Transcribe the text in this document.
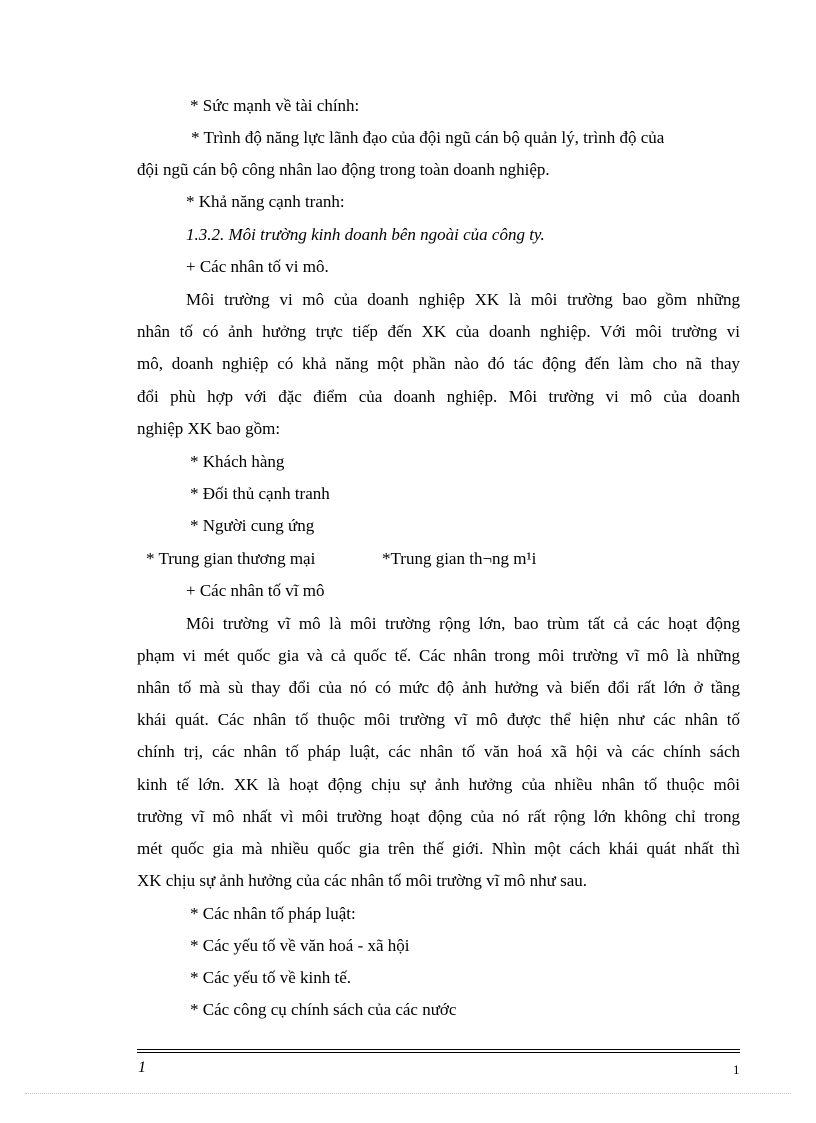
* Sức mạnh về tài chính:
* Trình độ năng lực lãnh đạo của đội ngũ cán bộ quản lý, trình độ của
đội ngũ cán bộ công nhân lao động trong toàn doanh nghiệp.
* Khả năng cạnh tranh:
1.3.2. Môi trường kinh doanh bên ngoài của công ty.
+ Các nhân tố vi mô.
Môi trường vi mô của doanh nghiệp XK là môi trường bao gồm những
nhân tố có ảnh hưởng trực tiếp đến XK của doanh nghiệp. Với môi trường vi
mô, doanh nghiệp có khả năng một phần nào đó tác động đến làm cho nã thay
đổi phù hợp với đặc điểm của doanh nghiệp. Môi trường vi mô của doanh
nghiệp XK bao gồm:
* Khách hàng
* Đối thủ cạnh tranh
* Người cung ứng
* Trung gian thương mại	*Trung gian th¬ng m¹i
+ Các nhân tố vĩ mô
Môi trường vĩ mô là môi trường rộng lớn, bao trùm tất cả các hoạt động
phạm vi mét quốc gia và cả quốc tế. Các nhân trong môi trường vĩ mô là những
nhân tố mà sù thay đổi của nó có mức độ ảnh hưởng và biến đổi rất lớn ở tầng
khái quát. Các nhân tố thuộc môi trường vĩ mô được thể hiện như các nhân tố
chính trị, các nhân tố pháp luật, các nhân tố văn hoá xã hội và các chính sách
kinh tế lớn. XK là hoạt động chịu sự ảnh hưởng của nhiều nhân tố thuộc môi
trường vĩ mô nhất vì môi trường hoạt động của nó rất rộng lớn không chỉ trong
mét quốc gia mà nhiều quốc gia trên thế giới. Nhìn một cách khái quát nhất thì
XK chịu sự ảnh hưởng của các nhân tố môi trường vĩ mô như sau.
* Các nhân tố pháp luật:
* Các yếu tố về văn hoá - xã hội
* Các yếu tố về kinh tế.
* Các công cụ chính sách của các nước
1	1
